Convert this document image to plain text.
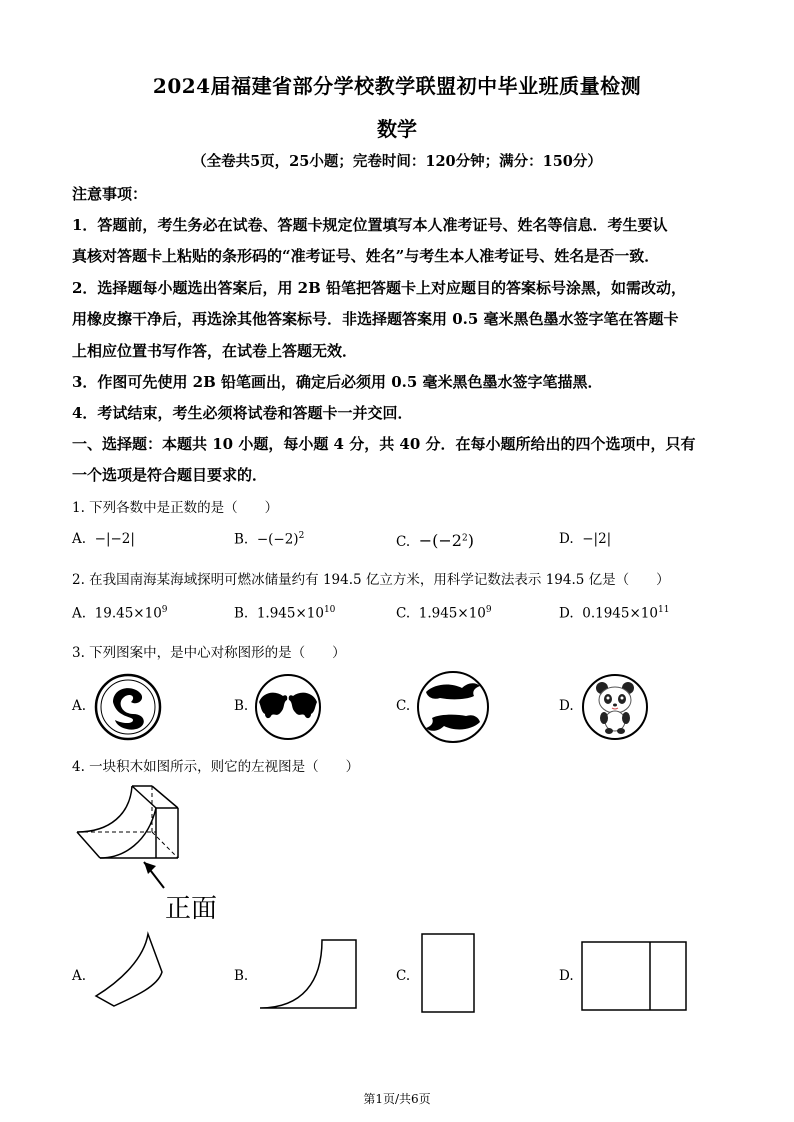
2024届福建省部分学校教学联盟初中毕业班质量检测
数学
（全卷共5页，25小题；完卷时间：120分钟；满分：150分）
注意事项：
1．答题前，考生务必在试卷、答题卡规定位置填写本人准考证号、姓名等信息．考生要认
真核对答题卡上粘贴的条形码的“准考证号、姓名”与考生本人准考证号、姓名是否一致．
2．选择题每小题选出答案后，用 2B 铅笔把答题卡上对应题目的答案标号涂黑，如需改动，
用橡皮擦干净后，再选涂其他答案标号．非选择题答案用 0.5 毫米黑色墨水签字笔在答题卡
上相应位置书写作答，在试卷上答题无效．
3．作图可先使用 2B 铅笔画出，确定后必须用 0.5 毫米黑色墨水签字笔描黑．
4．考试结束，考生必须将试卷和答题卡一并交回．
一、选择题：本题共 10 小题，每小题 4 分，共 40 分．在每小题所给出的四个选项中，只有
一个选项是符合题目要求的．
1. 下列各数中是正数的是（　　）
A. −|−2|	B. $-(-2)^2$	C. $-(-2^2)$	D. −|2|
2. 在我国南海某海域探明可燃冰储量约有 194.5 亿立方米，用科学记数法表示 194.5 亿是（　　）
A. $19.45\times 10^9$	B. $1.945\times 10^{10}$	C. $1.945\times 10^9$	D. $0.1945\times 10^{11}$
3. 下列图案中，是中心对称图形的是（　　）
A.	B.	C.	D.
4. 一块积木如图所示，则它的左视图是（　　）
正面
A.	B.	C.	D.
第1页/共6页
